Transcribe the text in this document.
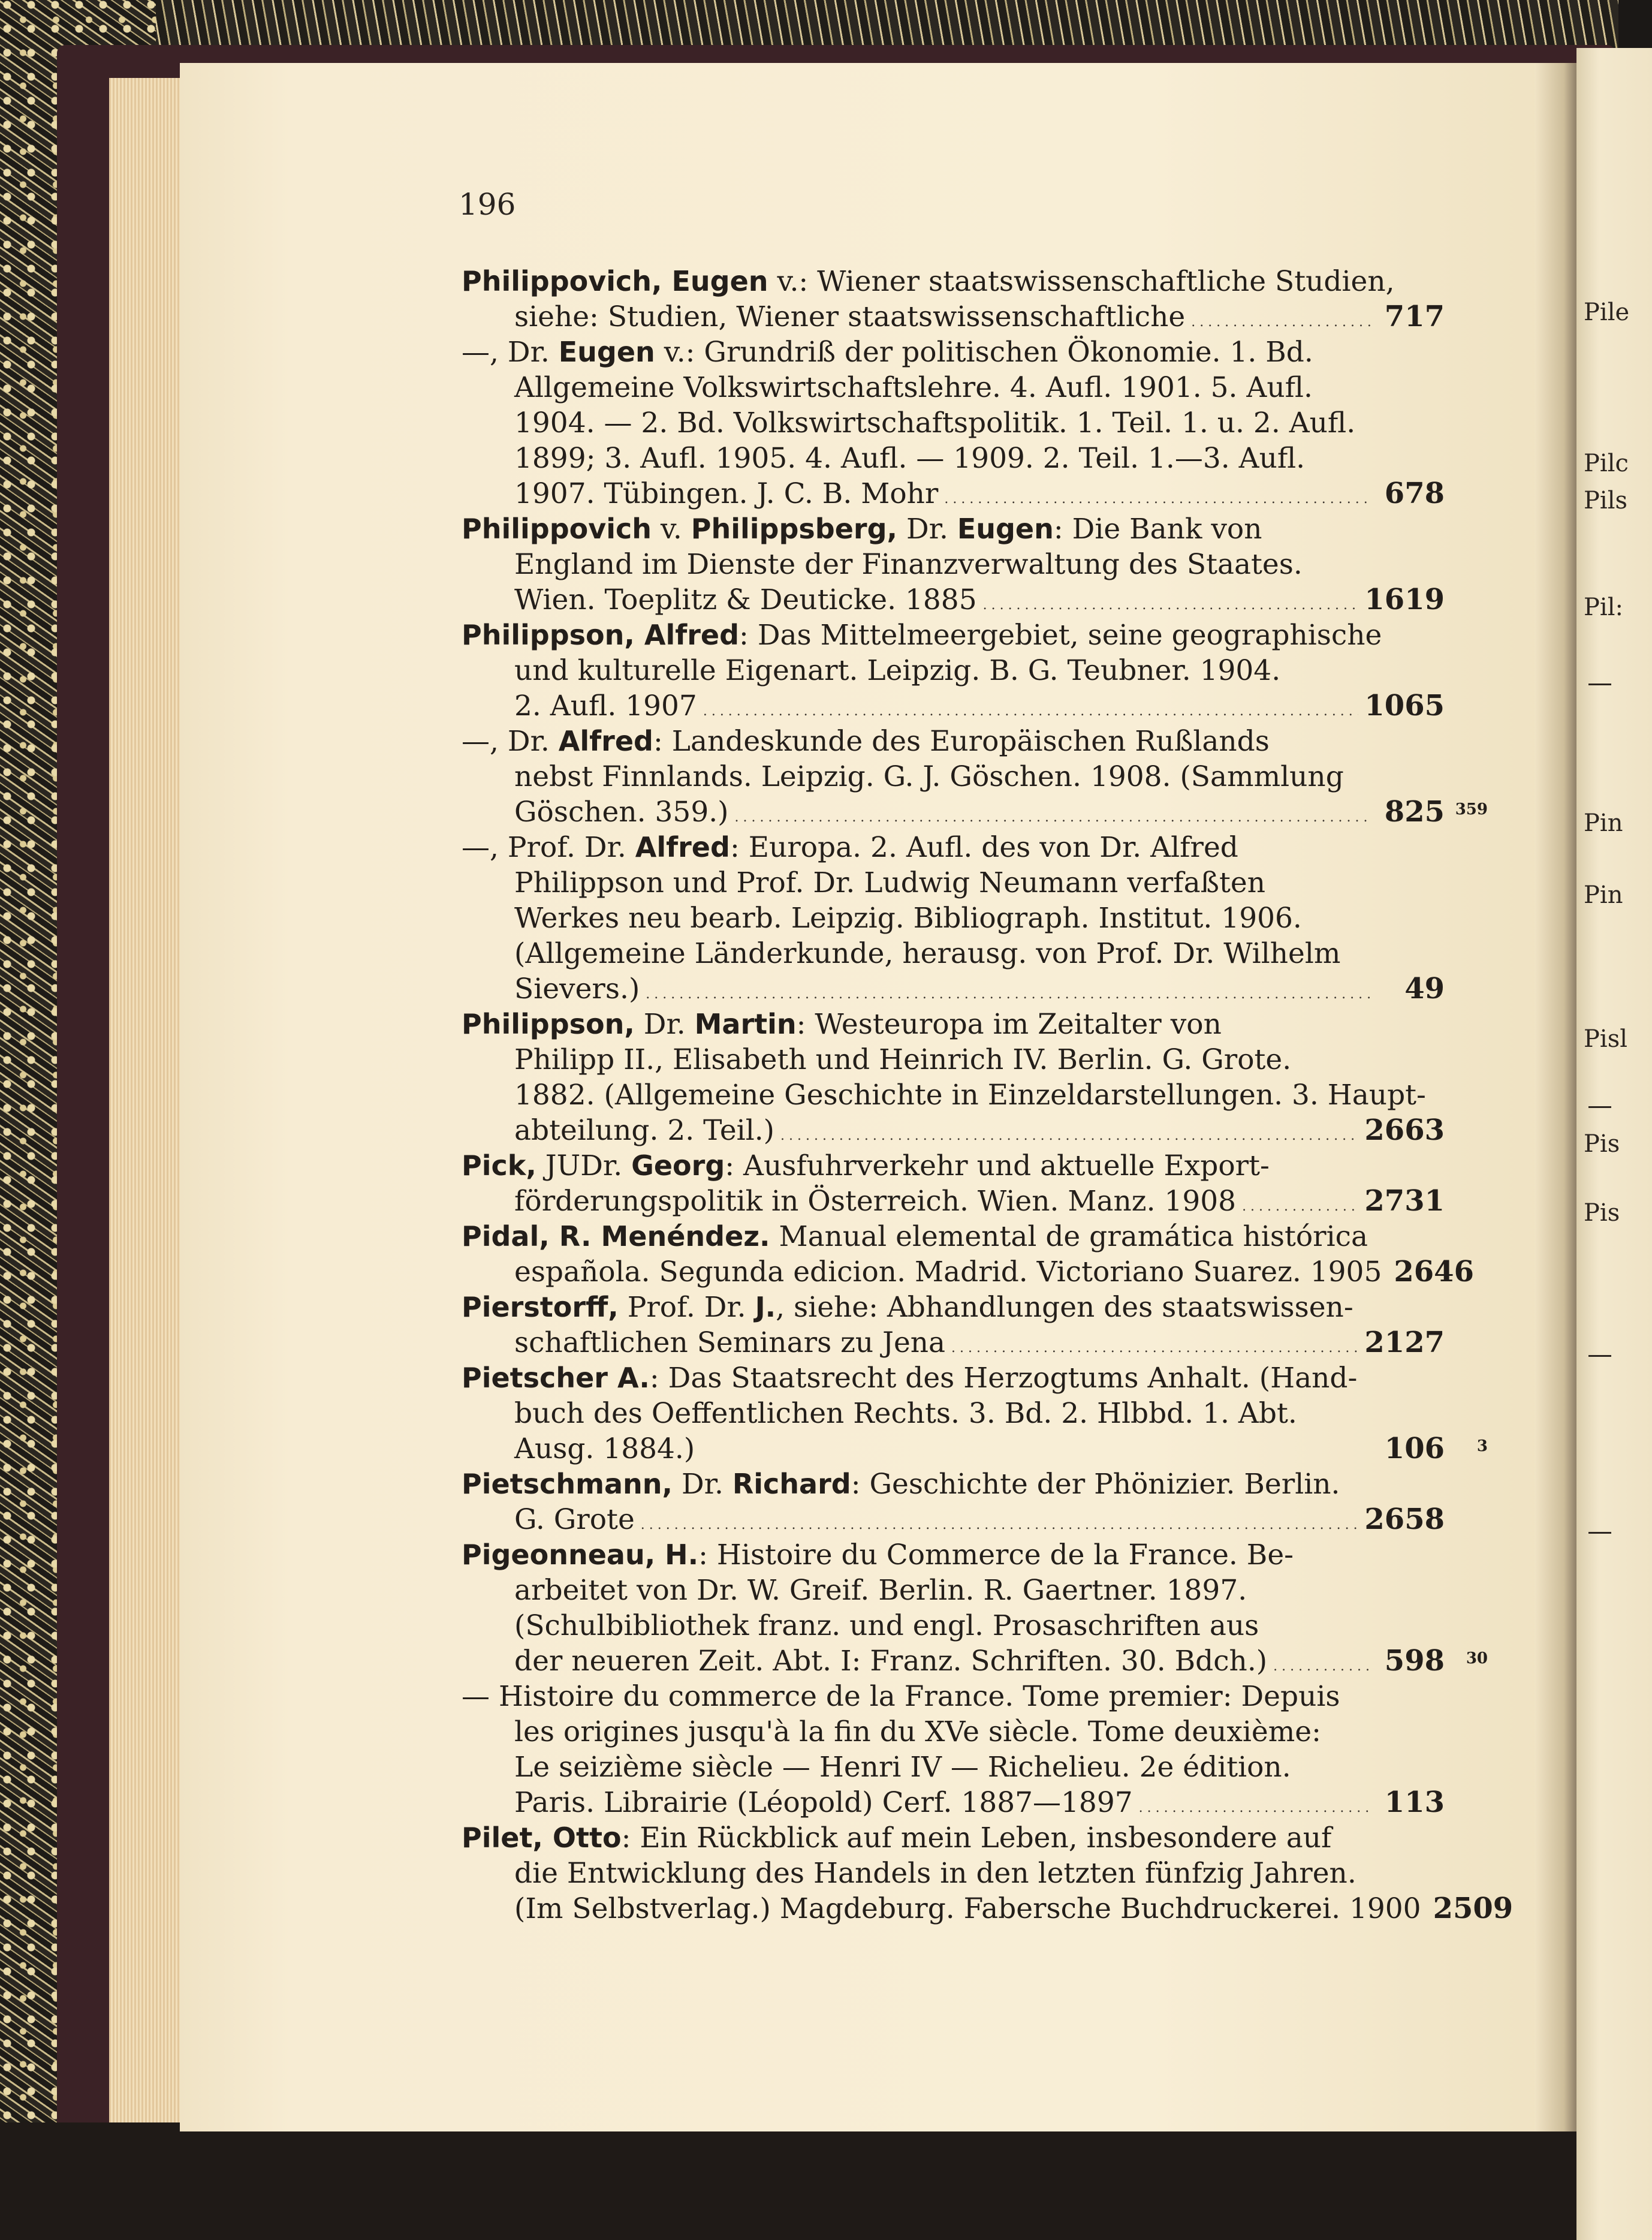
Pile
Pilc
Pils
Pil:
Pin
Pin
Pisl
Pis
Pis
196
Philippovich, Eugen v.: Wiener staatswissenschaftliche Studien,
siehe: Studien, Wiener staatswissenschaftliche . . .	717
—, Dr. Eugen v.: Grundriß der politischen Ökonomie. 1. Bd.
Allgemeine Volkswirtschaftslehre. 4. Aufl. 1901. 5. Aufl.
1904. — 2. Bd. Volkswirtschaftspolitik. 1. Teil. 1. u. 2. Aufl.
1899; 3. Aufl. 1905. 4. Aufl. — 1909. 2. Teil. 1.—3. Aufl.
1907. Tübingen. J. C. B. Mohr . . .	678
Philippovich v. Philippsberg, Dr. Eugen: Die Bank von
England im Dienste der Finanzverwaltung des Staates.
Wien. Toeplitz & Deuticke. 1885 . . .	1619
Philippson, Alfred: Das Mittelmeergebiet, seine geographische
und kulturelle Eigenart. Leipzig. B. G. Teubner. 1904.
2. Aufl. 1907 . . .	1065
—, Dr. Alfred: Landeskunde des Europäischen Rußlands
nebst Finnlands. Leipzig. G. J. Göschen. 1908. (Sammlung
Göschen. 359.) . . .	825 359
—, Prof. Dr. Alfred: Europa. 2. Aufl. des von Dr. Alfred
Philippson und Prof. Dr. Ludwig Neumann verfaßten
Werkes neu bearb. Leipzig. Bibliograph. Institut. 1906.
(Allgemeine Länderkunde, herausg. von Prof. Dr. Wilhelm
Sievers.) . . .	49
Philippson, Dr. Martin: Westeuropa im Zeitalter von
Philipp II., Elisabeth und Heinrich IV. Berlin. G. Grote.
1882. (Allgemeine Geschichte in Einzeldarstellungen. 3. Haupt-
abteilung. 2. Teil.) . . .	2663
Pick, JUDr. Georg: Ausfuhrverkehr und aktuelle Export-
förderungspolitik in Österreich. Wien. Manz. 1908 . . .	2731
Pidal, R. Menéndez. Manual elemental de gramática histórica
española. Segunda edicion. Madrid. Victoriano Suarez. 1905 2646
Pierstorff, Prof. Dr. J., siehe: Abhandlungen des staatswissen-
schaftlichen Seminars zu Jena . . .	2127
Pietscher A.: Das Staatsrecht des Herzogtums Anhalt. (Hand-
buch des Oeffentlichen Rechts. 3. Bd. 2. Hlbbd. 1. Abt.
Ausg. 1884.)	106 3
Pietschmann, Dr. Richard: Geschichte der Phönizier. Berlin.
G. Grote . . .	2658
Pigeonneau, H.: Histoire du Commerce de la France. Be-
arbeitet von Dr. W. Greif. Berlin. R. Gaertner. 1897.
(Schulbibliothek franz. und engl. Prosaschriften aus
der neueren Zeit. Abt. I: Franz. Schriften. 30. Bdch.) . . .	598 30
— Histoire du commerce de la France. Tome premier: Depuis
les origines jusqu'à la fin du XVe siècle. Tome deuxième:
Le seizième siècle — Henri IV — Richelieu. 2e édition.
Paris. Librairie (Léopold) Cerf. 1887—1897 . . .	113
Pilet, Otto: Ein Rückblick auf mein Leben, insbesondere auf
die Entwicklung des Handels in den letzten fünfzig Jahren.
(Im Selbstverlag.) Magdeburg. Fabersche Buchdruckerei. 1900 2509
